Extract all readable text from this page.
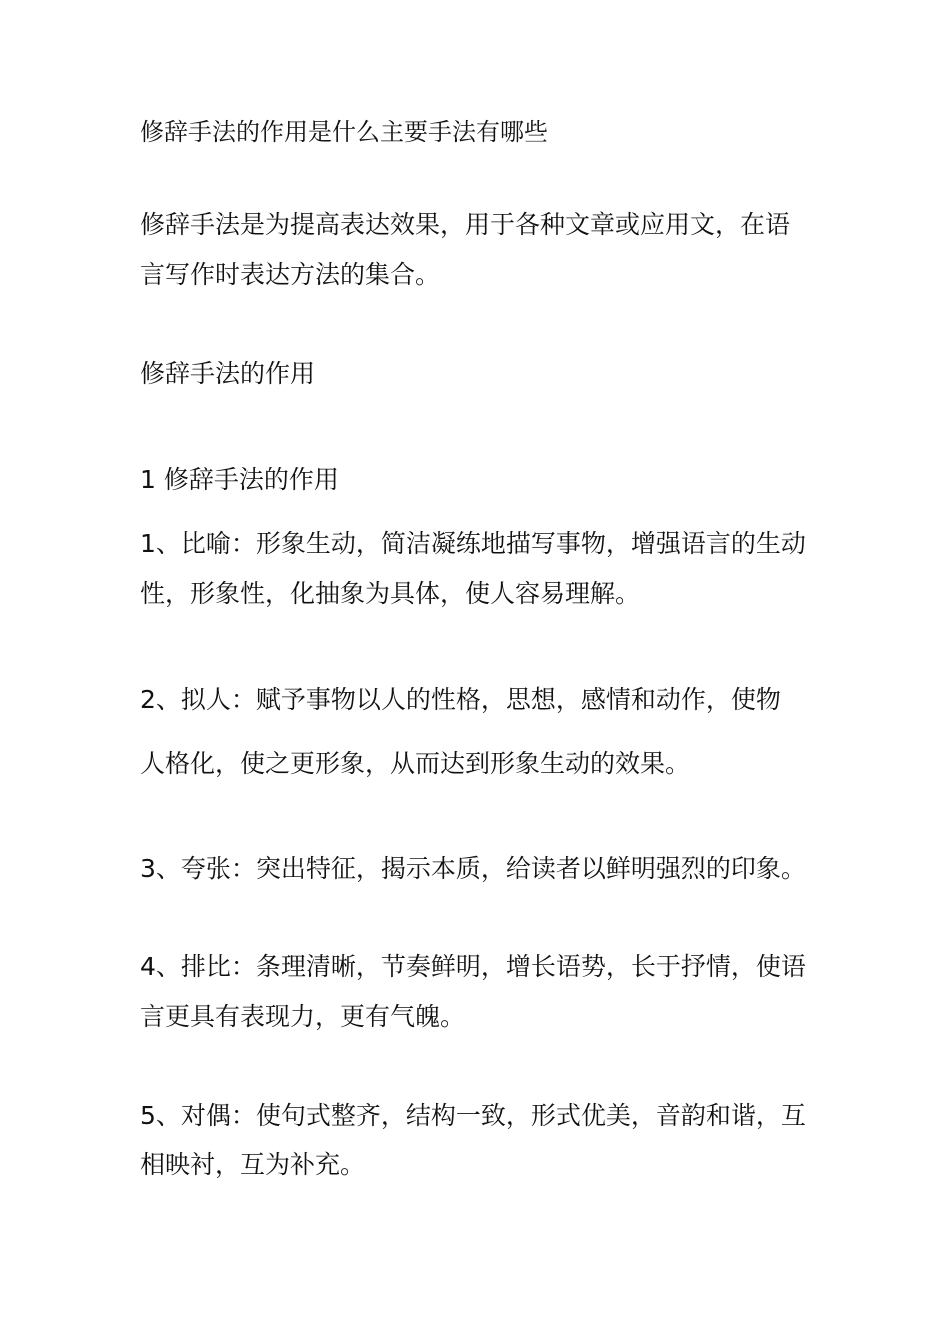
修辞手法的作用是什么主要手法有哪些
修辞手法是为提高表达效果，用于各种文章或应用文，在语
言写作时表达方法的集合。
修辞手法的作用
1 修辞手法的作用
1、比喻：形象生动，简洁凝练地描写事物，增强语言的生动
性，形象性，化抽象为具体，使人容易理解。
2、拟人：赋予事物以人的性格，思想，感情和动作，使物
人格化，使之更形象，从而达到形象生动的效果。
3、夸张：突出特征，揭示本质，给读者以鲜明强烈的印象。
4、排比：条理清晰，节奏鲜明，增长语势，长于抒情，使语
言更具有表现力，更有气魄。
5、对偶：使句式整齐，结构一致，形式优美，音韵和谐，互
相映衬，互为补充。
